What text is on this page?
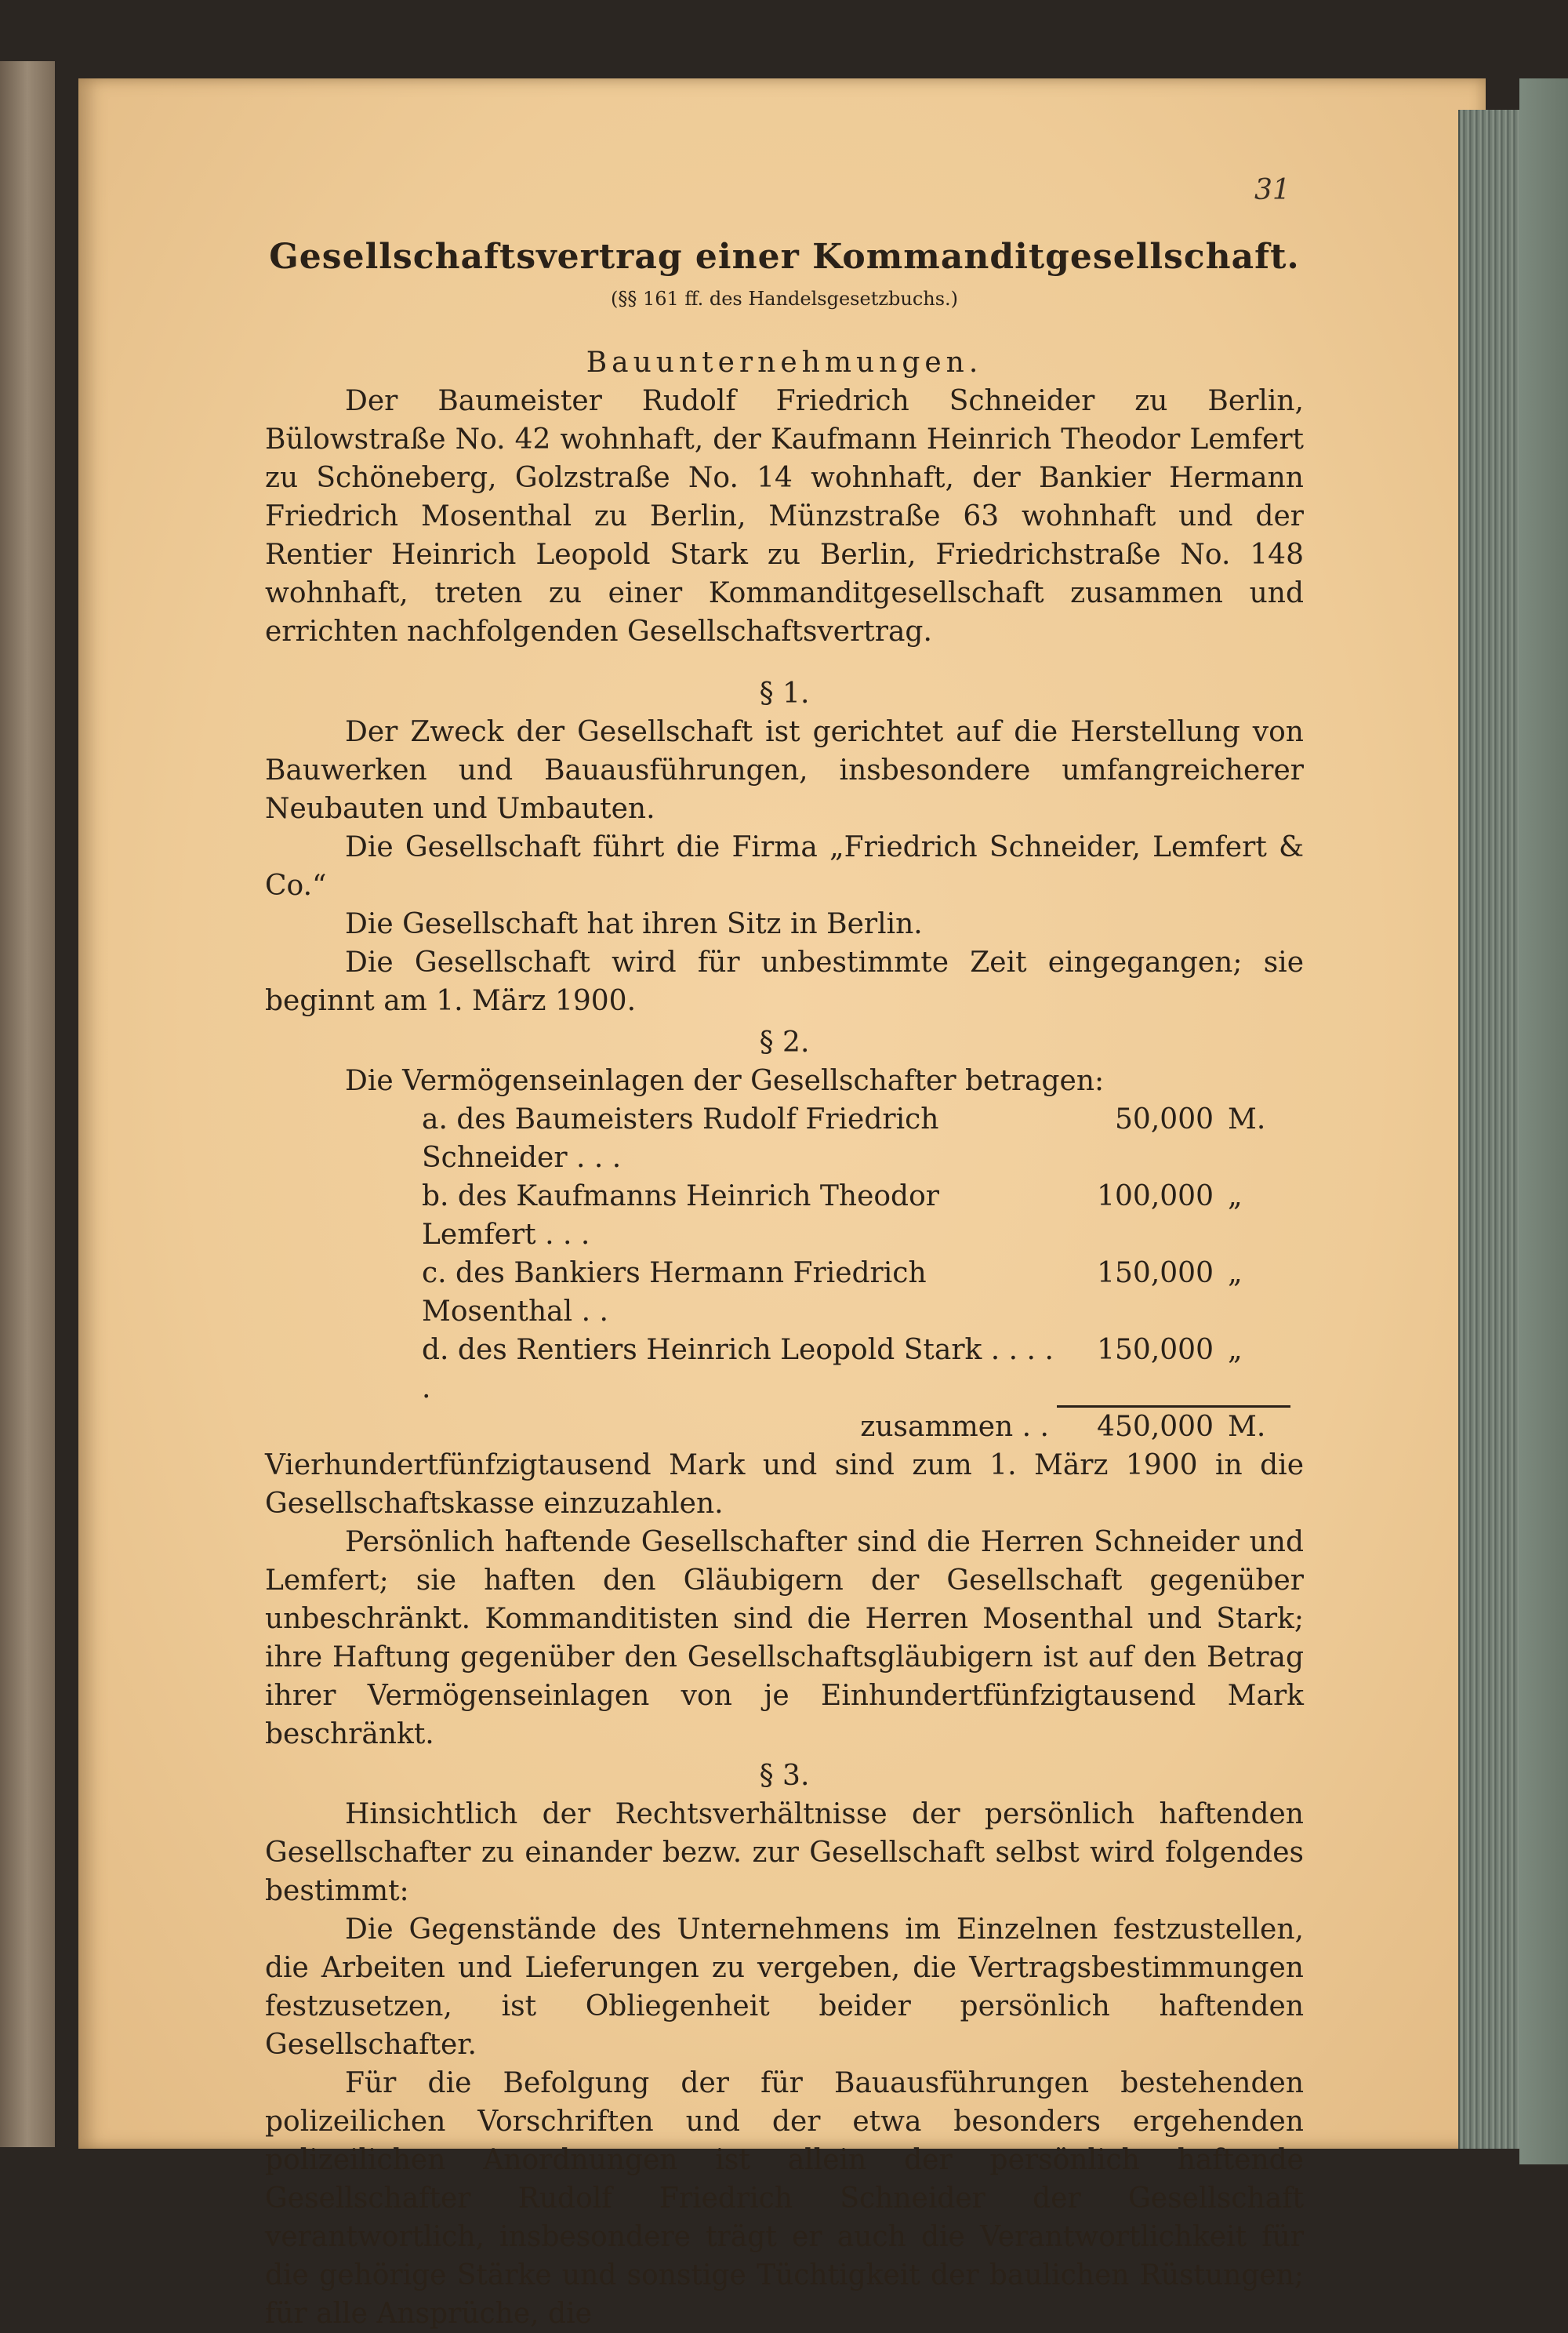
31
Gesellschaftsvertrag einer Kommanditgesellschaft.
(§§ 161 ff. des Handelsgesetzbuchs.)
Bauunternehmungen.

Der Baumeister Rudolf Friedrich Schneider zu Berlin, Bülowstraße No. 42 wohnhaft, der Kaufmann Heinrich Theodor Lemfert zu Schöneberg, Golzstraße No. 14 wohnhaft, der Bankier Hermann Friedrich Mosenthal zu Berlin, Münzstraße 63 wohnhaft und der Rentier Heinrich Leopold Stark zu Berlin, Friedrichstraße No. 148 wohnhaft, treten zu einer Kommanditgesellschaft zusammen und errichten nachfolgenden Gesellschaftsvertrag.

§ 1.

Der Zweck der Gesellschaft ist gerichtet auf die Herstellung von Bauwerken und Bauausführungen, insbesondere umfangreicherer Neubauten und Umbauten.

Die Gesellschaft führt die Firma „Friedrich Schneider, Lemfert & Co.“

Die Gesellschaft hat ihren Sitz in Berlin.

Die Gesellschaft wird für unbestimmte Zeit eingegangen; sie beginnt am 1. März 1900.

§ 2.

Die Vermögenseinlagen der Gesellschafter betragen:

a. des Baumeisters Rudolf Friedrich Schneider . . .
50,000 M.
b. des Kaufmanns Heinrich Theodor Lemfert . . .
100,000 „
c. des Bankiers Hermann Friedrich Mosenthal . .
150,000 „
d. des Rentiers Heinrich Leopold Stark . . . . .
150,000 „
zusammen . .	450,000 M.

Vierhundertfünfzigtausend Mark und sind zum 1. März 1900 in die Gesellschaftskasse einzuzahlen.

Persönlich haftende Gesellschafter sind die Herren Schneider und Lemfert; sie haften den Gläubigern der Gesellschaft gegenüber unbeschränkt. Kommanditisten sind die Herren Mosenthal und Stark; ihre Haftung gegenüber den Gesellschaftsgläubigern ist auf den Betrag ihrer Vermögenseinlagen von je Einhundertfünfzigtausend Mark beschränkt.

§ 3.

Hinsichtlich der Rechtsverhältnisse der persönlich haftenden Gesellschafter zu einander bezw. zur Gesellschaft selbst wird folgendes bestimmt:

Die Gegenstände des Unternehmens im Einzelnen festzustellen, die Arbeiten und Lieferungen zu vergeben, die Vertragsbestimmungen festzusetzen, ist Obliegenheit beider persönlich haftenden Gesellschafter.

Für die Befolgung der für Bauausführungen bestehenden polizeilichen Vorschriften und der etwa besonders ergehenden polizeilichen Anordnungen ist allein der persönlich haftende Gesellschafter Rudolf Friedrich Schneider der Gesellschaft verantwortlich, insbesondere trägt er auch die Verantwortlichkeit für die gehörige Stärke und sonstige Tüchtigkeit der baulichen Rüstungen; für alle Ansprüche, die
